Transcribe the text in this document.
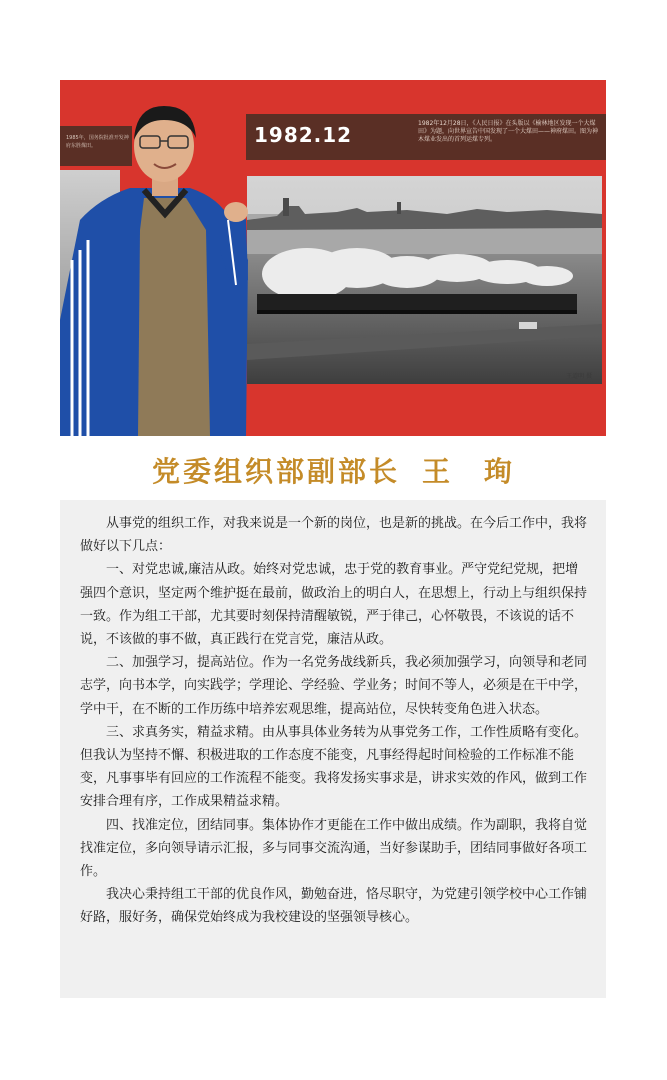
1985年，国务院批准开发神府东胜煤田。	1982.12	1982年12月28日，《人民日报》在头版以《榆林地区发现一个大煤田》为题，向世界宣告中国发现了一个大煤田——神府煤田。图为神木煤业发出的首列运煤专列。
王道明 摄
党委组织部副部长 王　珣

从事党的组织工作，对我来说是一个新的岗位，也是新的挑战。在今后工作中，我将做好以下几点：

一、对党忠诚,廉洁从政。始终对党忠诚，忠于党的教育事业。严守党纪党规，把增强四个意识，坚定两个维护挺在最前，做政治上的明白人，在思想上，行动上与组织保持一致。作为组工干部，尤其要时刻保持清醒敏锐，严于律己，心怀敬畏，不该说的话不说，不该做的事不做，真正践行在党言党，廉洁从政。

二、加强学习，提高站位。作为一名党务战线新兵，我必须加强学习，向领导和老同志学，向书本学，向实践学；学理论、学经验、学业务；时间不等人，必须是在干中学，学中干，在不断的工作历练中培养宏观思维，提高站位，尽快转变角色进入状态。

三、求真务实，精益求精。由从事具体业务转为从事党务工作，工作性质略有变化。但我认为坚持不懈、积极进取的工作态度不能变，凡事经得起时间检验的工作标准不能变，凡事事毕有回应的工作流程不能变。我将发扬实事求是，讲求实效的作风，做到工作安排合理有序，工作成果精益求精。

四、找准定位，团结同事。集体协作才更能在工作中做出成绩。作为副职，我将自觉找准定位，多向领导请示汇报，多与同事交流沟通，当好参谋助手，团结同事做好各项工作。

我决心秉持组工干部的优良作风，勤勉奋进，恪尽职守，为党建引领学校中心工作铺好路，服好务，确保党始终成为我校建设的坚强领导核心。
